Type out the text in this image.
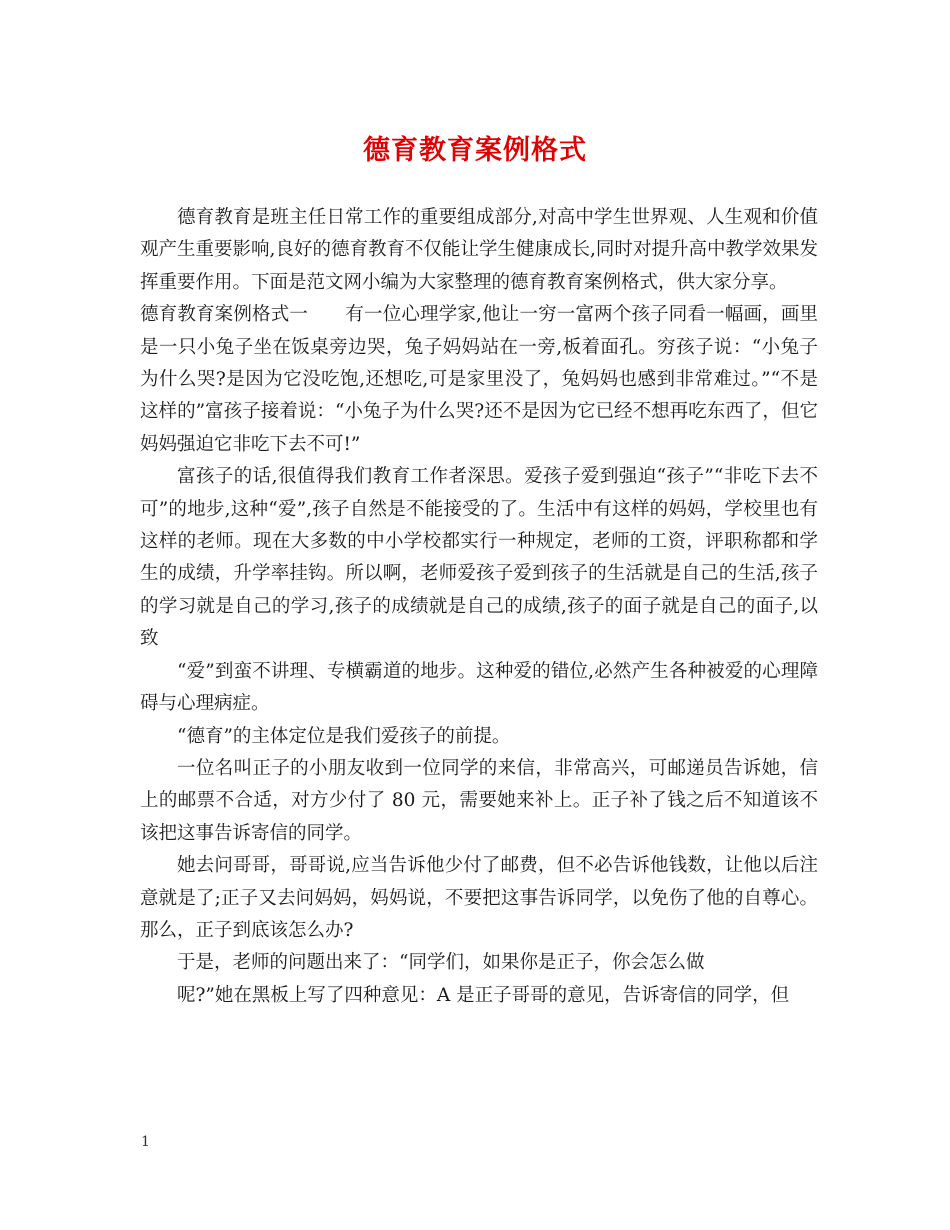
德育教育案例格式

德育教育是班主任日常工作的重要组成部分,对高中学生世界观、人生观和价值观产生重要影响,良好的德育教育不仅能让学生健康成长,同时对提升高中教学效果发挥重要作用。下面是范文网小编为大家整理的德育教育案例格式，供大家分享。

德育教育案例格式一　　有一位心理学家,他让一穷一富两个孩子同看一幅画，画里是一只小兔子坐在饭桌旁边哭，兔子妈妈站在一旁,板着面孔。穷孩子说：“小兔子为什么哭?是因为它没吃饱,还想吃,可是家里没了，兔妈妈也感到非常难过。”“不是这样的”富孩子接着说：“小兔子为什么哭?还不是因为它已经不想再吃东西了，但它妈妈强迫它非吃下去不可!”

富孩子的话,很值得我们教育工作者深思。爱孩子爱到强迫“孩子”“非吃下去不可”的地步,这种“爱”,孩子自然是不能接受的了。生活中有这样的妈妈，学校里也有这样的老师。现在大多数的中小学校都实行一种规定，老师的工资，评职称都和学生的成绩，升学率挂钩。所以啊，老师爱孩子爱到孩子的生活就是自己的生活,孩子的学习就是自己的学习,孩子的成绩就是自己的成绩,孩子的面子就是自己的面子,以致

“爱”到蛮不讲理、专横霸道的地步。这种爱的错位,必然产生各种被爱的心理障碍与心理病症。

“德育”的主体定位是我们爱孩子的前提。

一位名叫正子的小朋友收到一位同学的来信，非常高兴，可邮递员告诉她，信上的邮票不合适，对方少付了 80 元，需要她来补上。正子补了钱之后不知道该不该把这事告诉寄信的同学。

她去问哥哥，哥哥说,应当告诉他少付了邮费，但不必告诉他钱数，让他以后注意就是了;正子又去问妈妈，妈妈说，不要把这事告诉同学，以免伤了他的自尊心。那么，正子到底该怎么办?

于是，老师的问题出来了：“同学们，如果你是正子，你会怎么做

呢?”她在黑板上写了四种意见：A 是正子哥哥的意见，告诉寄信的同学，但

1
